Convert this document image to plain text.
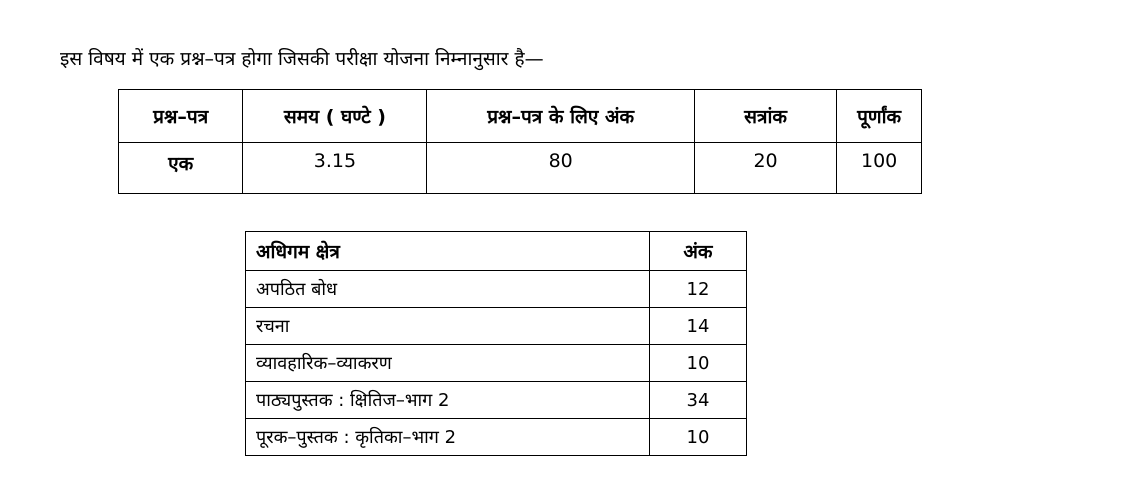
इस विषय में एक प्रश्न–पत्र होगा जिसकी परीक्षा योजना निम्नानुसार है—
प्रश्न–पत्र	समय ( घण्टे )	प्रश्न–पत्र के लिए अंक	सत्रांक	पूर्णांक
एक	3.15	80	20	100
अधिगम क्षेत्र	अंक
अपठित बोध	12
रचना	14
व्यावहारिक–व्याकरण	10
पाठ्यपुस्तक : क्षितिज–भाग 2	34
पूरक–पुस्तक : कृतिका–भाग 2	10
